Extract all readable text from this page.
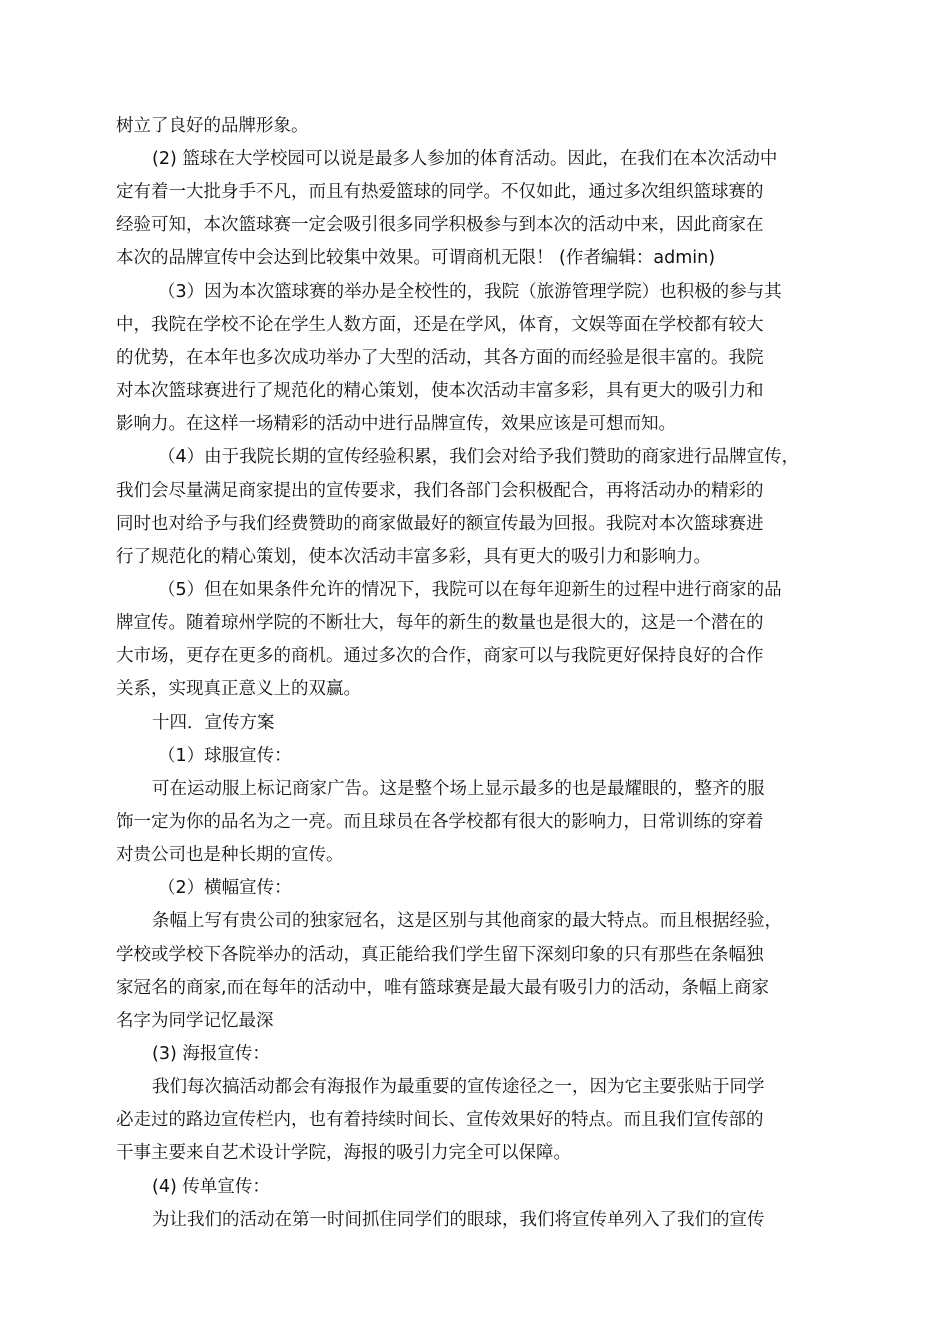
树立了良好的品牌形象。

(2) 篮球在大学校园可以说是最多人参加的体育活动。因此，在我们在本次活动中

定有着一大批身手不凡，而且有热爱篮球的同学。不仅如此，通过多次组织篮球赛的

经验可知，本次篮球赛一定会吸引很多同学积极参与到本次的活动中来，因此商家在

本次的品牌宣传中会达到比较集中效果。可谓商机无限！ (作者编辑：admin)

（3）因为本次篮球赛的举办是全校性的，我院（旅游管理学院）也积极的参与其

中，我院在学校不论在学生人数方面，还是在学风，体育，文娱等面在学校都有较大

的优势，在本年也多次成功举办了大型的活动，其各方面的而经验是很丰富的。我院

对本次篮球赛进行了规范化的精心策划，使本次活动丰富多彩，具有更大的吸引力和

影响力。在这样一场精彩的活动中进行品牌宣传，效果应该是可想而知。

（4）由于我院长期的宣传经验积累，我们会对给予我们赞助的商家进行品牌宣传，

我们会尽量满足商家提出的宣传要求，我们各部门会积极配合，再将活动办的精彩的

同时也对给予与我们经费赞助的商家做最好的额宣传最为回报。我院对本次篮球赛进

行了规范化的精心策划，使本次活动丰富多彩，具有更大的吸引力和影响力。

（5）但在如果条件允许的情况下，我院可以在每年迎新生的过程中进行商家的品

牌宣传。随着琼州学院的不断壮大，每年的新生的数量也是很大的，这是一个潜在的

大市场，更存在更多的商机。通过多次的合作，商家可以与我院更好保持良好的合作

关系，实现真正意义上的双赢。

十四．宣传方案

（1）球服宣传：

可在运动服上标记商家广告。这是整个场上显示最多的也是最耀眼的，整齐的服

饰一定为你的品名为之一亮。而且球员在各学校都有很大的影响力，日常训练的穿着

对贵公司也是种长期的宣传。

（2）横幅宣传：

条幅上写有贵公司的独家冠名，这是区别与其他商家的最大特点。而且根据经验，

学校或学校下各院举办的活动，真正能给我们学生留下深刻印象的只有那些在条幅独

家冠名的商家,而在每年的活动中，唯有篮球赛是最大最有吸引力的活动，条幅上商家

名字为同学记忆最深

(3) 海报宣传：

我们每次搞活动都会有海报作为最重要的宣传途径之一，因为它主要张贴于同学

必走过的路边宣传栏内，也有着持续时间长、宣传效果好的特点。而且我们宣传部的

干事主要来自艺术设计学院，海报的吸引力完全可以保障。

(4) 传单宣传：

为让我们的活动在第一时间抓住同学们的眼球，我们将宣传单列入了我们的宣传
